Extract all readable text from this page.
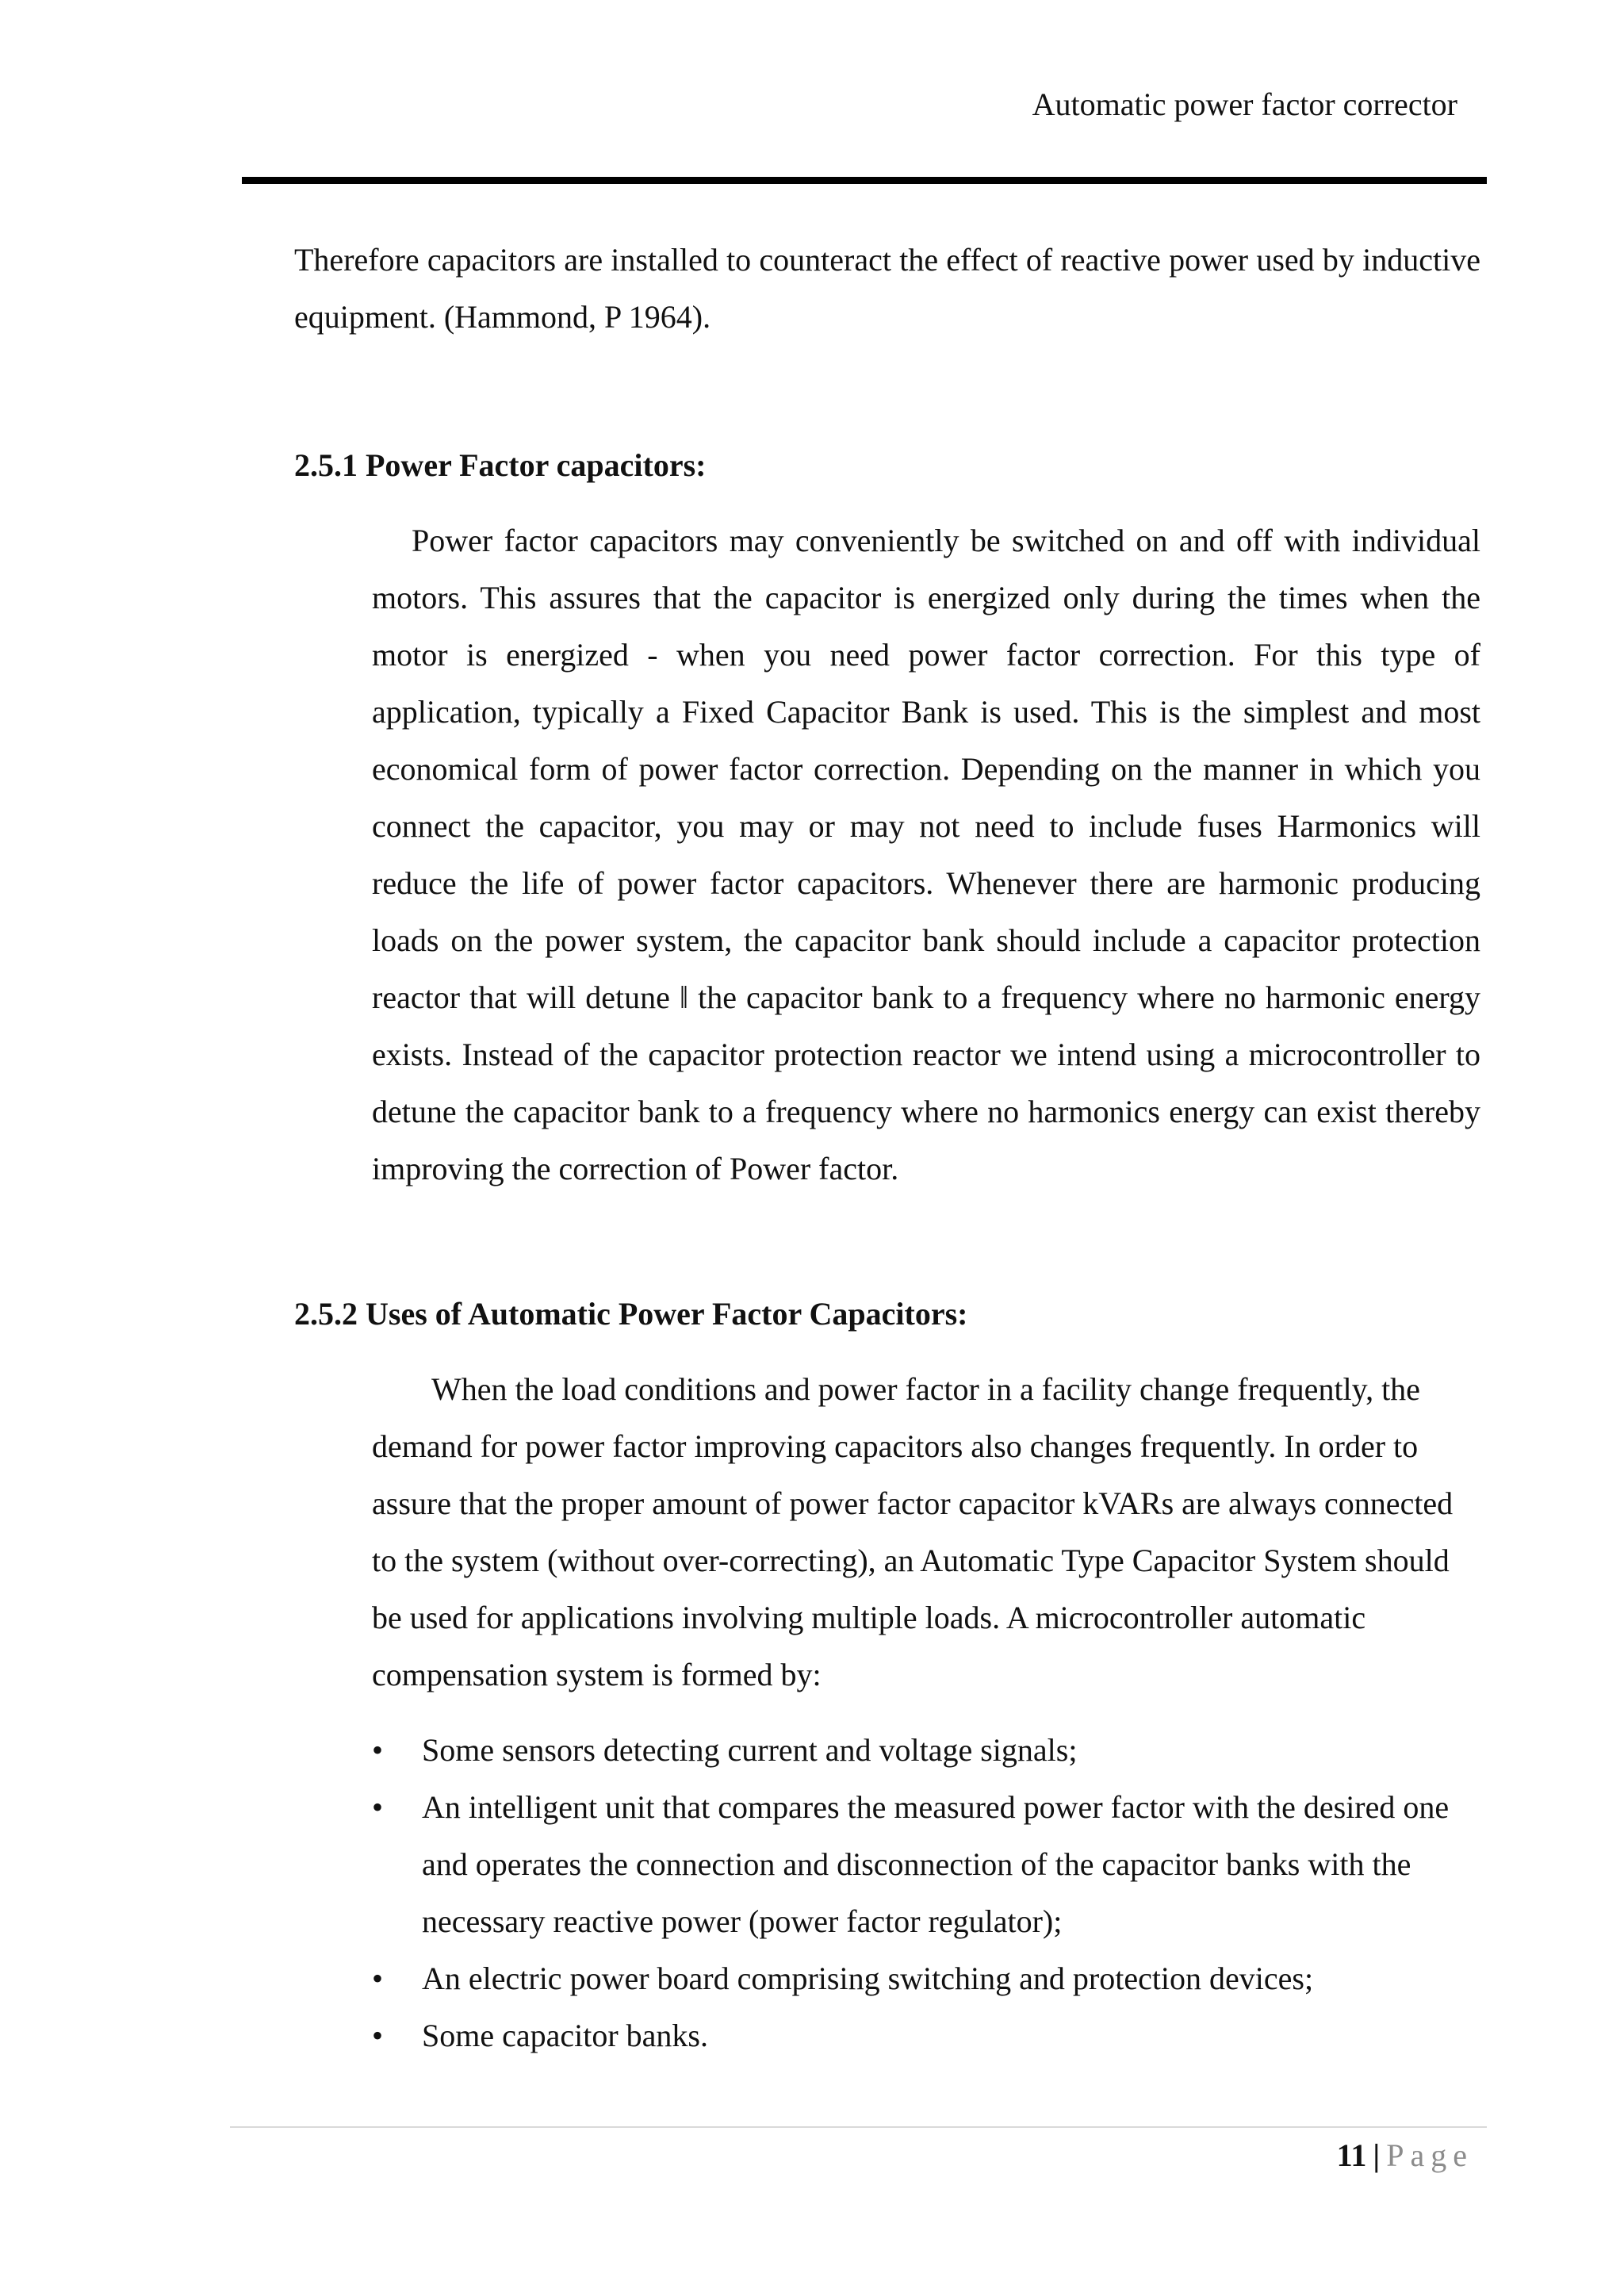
Automatic power factor corrector

Therefore capacitors are installed to counteract the effect of reactive power used by inductive equipment. (Hammond, P 1964).

2.5.1 Power Factor capacitors:

Power factor capacitors may conveniently be switched on and off with individual motors. This assures that the capacitor is energized only during the times when the motor is energized - when you need power factor correction. For this type of application, typically a Fixed Capacitor Bank is used. This is the simplest and most economical form of power factor correction. Depending on the manner in which you connect the capacitor, you may or may not need to include fuses Harmonics will reduce the life of power factor capacitors. Whenever there are harmonic producing loads on the power system, the capacitor bank should include a capacitor protection reactor that will detune ‖ the capacitor bank to a frequency where no harmonic energy exists. Instead of the capacitor protection reactor we intend using a microcontroller to detune the capacitor bank to a frequency where no harmonics energy can exist thereby improving the correction of Power factor.

2.5.2 Uses of Automatic Power Factor Capacitors:

When the load conditions and power factor in a facility change frequently, the demand for power factor improving capacitors also changes frequently. In order to assure that the proper amount of power factor capacitor kVARs are always connected to the system (without over-correcting), an Automatic Type Capacitor System should be used for applications involving multiple loads. A microcontroller automatic compensation system is formed by:

• Some sensors detecting current and voltage signals;
• An intelligent unit that compares the measured power factor with the desired one and operates the connection and disconnection of the capacitor banks with the necessary reactive power (power factor regulator);
• An electric power board comprising switching and protection devices;
• Some capacitor banks.
11 | Page
